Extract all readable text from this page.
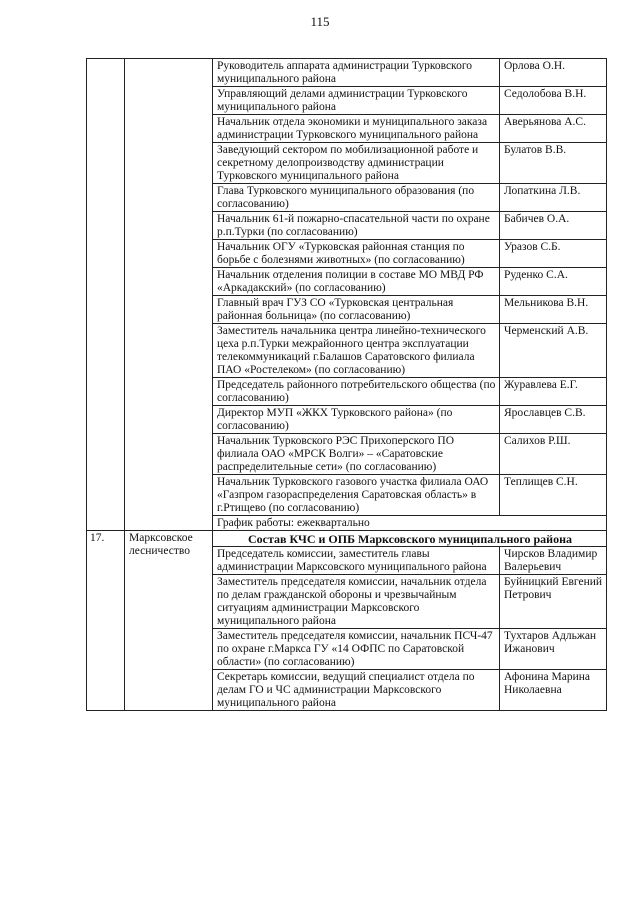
115
		Руководитель аппарата администрации Турковского муниципального района	Орлова О.Н.
		Управляющий делами администрации Турковского муниципального района	Седолобова В.Н.
		Начальник отдела экономики и муниципального заказа администрации Турковского муниципального района	Аверьянова А.С.
		Заведующий сектором по мобилизационной работе и секретному делопроизводству администрации Турковского муниципального района	Булатов В.В.
		Глава Турковского муниципального образования (по согласованию)	Лопаткина Л.В.
		Начальник 61-й пожарно-спасательной части по охране р.п.Турки (по согласованию)	Бабичев О.А.
		Начальник ОГУ «Турковская районная станция по борьбе с болезнями животных» (по согласованию)	Уразов С.Б.
		Начальник отделения полиции в составе МО МВД РФ «Аркадакский» (по согласованию)	Руденко С.А.
		Главный врач ГУЗ СО «Турковская центральная районная больница» (по согласованию)	Мельникова В.Н.
		Заместитель начальника центра линейно-технического цеха р.п.Турки межрайонного центра эксплуатации телекоммуникаций г.Балашов Саратовского филиала ПАО «Ростелеком» (по согласованию)	Черменский А.В.
		Председатель районного потребительского общества (по согласованию)	Журавлева Е.Г.
		Директор МУП «ЖКХ Турковского района» (по согласованию)	Ярославцев С.В.
		Начальник Турковского РЭС Прихоперского ПО филиала ОАО «МРСК Волги» – «Саратовские распределительные сети» (по согласованию)	Салихов Р.Ш.
		Начальник Турковского газового участка филиала ОАО «Газпром газораспределения Саратовская область» в г.Ртищево (по согласованию)	Теплищев С.Н.
		График работы: ежеквартально	
17.	Марксовское лесничество	Состав КЧС и ОПБ Марксовского муниципального района	
		Председатель комиссии, заместитель главы администрации Марксовского муниципального района	Чирсков Владимир Валерьевич
		Заместитель председателя комиссии, начальник отдела по делам гражданской обороны и чрезвычайным ситуациям администрации Марксовского муниципального района	Буйницкий Евгений Петрович
		Заместитель председателя комиссии, начальник ПСЧ-47 по охране г.Маркса ГУ «14 ОФПС по Саратовской области» (по согласованию)	Тухтаров Адльжан Ижанович
		Секретарь комиссии, ведущий специалист отдела по делам ГО и ЧС администрации Марксовского муниципального района	Афонина Марина Николаевна
